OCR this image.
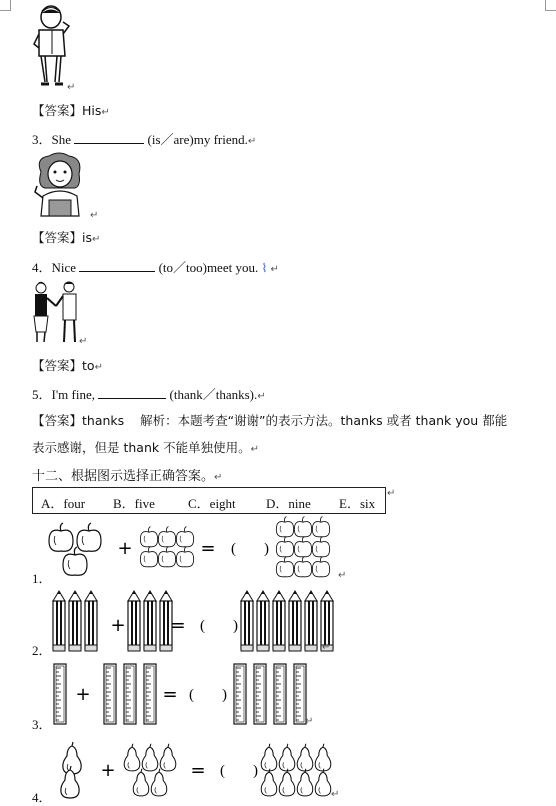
↵
【答案】His↵
3．She	(is／are)my friend.↵
↵
【答案】is↵
4．Nice	(to／too)meet you. ⌇ ↵
↵
【答案】to↵
5．I'm fine,	(thank／thanks).↵
【答案】thanks 解析：本题考查“谢谢”的表示方法。thanks 或者 thank you 都能
表示感谢，但是 thank 不能单独使用。↵
十二、根据图示选择正确答案。↵
A．four B．five	C．eight D．nine E．six
↵
1．
+	= ( )
↵
2．
+ = ( )
↵
3．
+	= ( )
↵
4．
+	= ( )
↵
